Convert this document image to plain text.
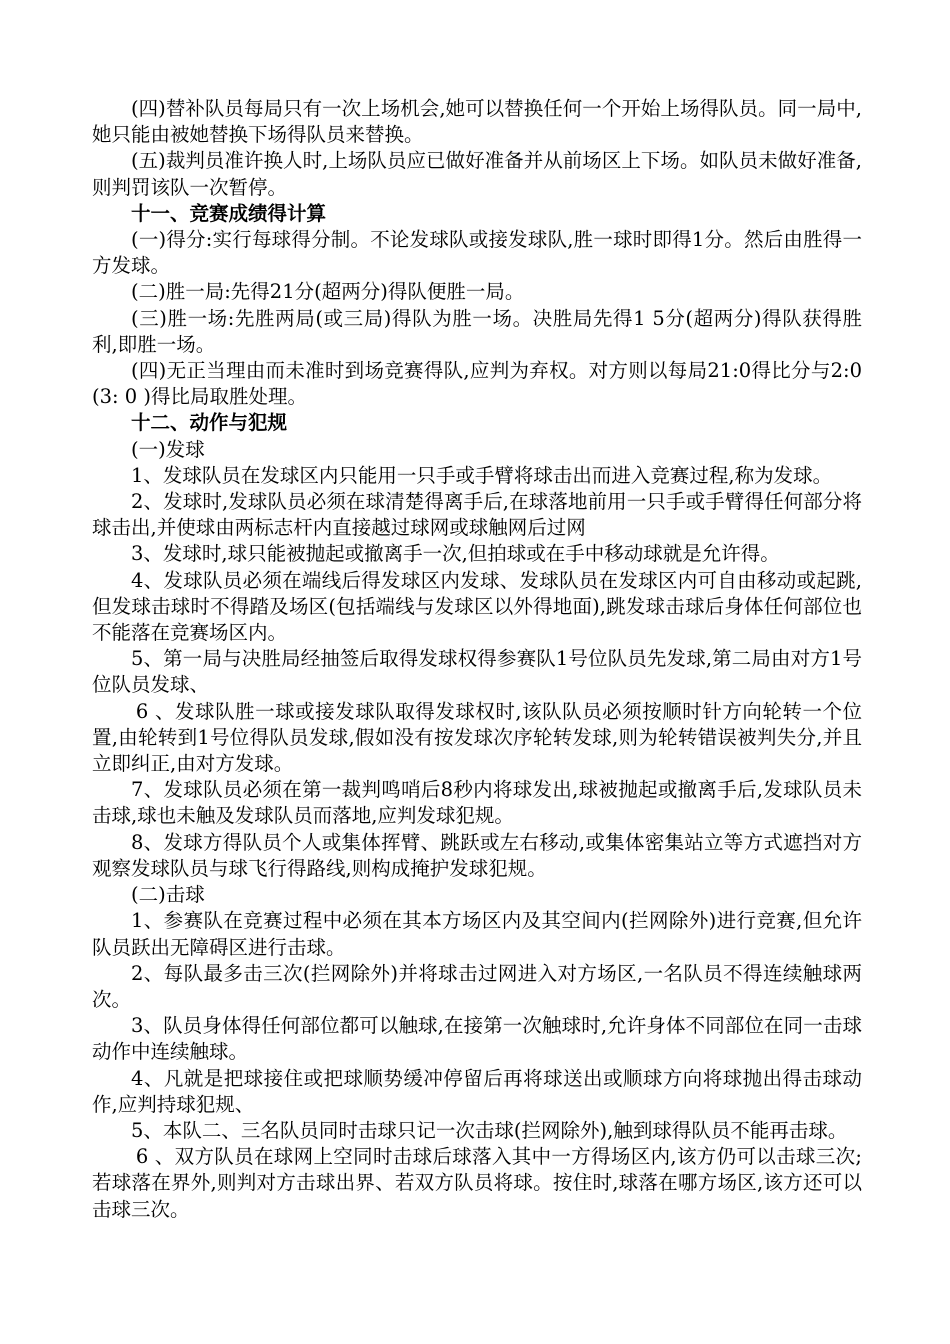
(四)替补队员每局只有一次上场机会,她可以替换任何一个开始上场得队员。同一局中,她只能由被她替换下场得队员来替换。

(五)裁判员准许换人时,上场队员应已做好准备并从前场区上下场。如队员未做好准备,则判罚该队一次暂停。

十一、竞赛成绩得计算

(一)得分:实行每球得分制。不论发球队或接发球队,胜一球时即得1分。然后由胜得一方发球。

(二)胜一局:先得21分(超两分)得队便胜一局。

(三)胜一场:先胜两局(或三局)得队为胜一场。决胜局先得1 5分(超两分)得队获得胜利,即胜一场。

(四)无正当理由而未准时到场竞赛得队,应判为弃权。对方则以每局21:0得比分与2:0(3: 0 )得比局取胜处理。

十二、动作与犯规

(一)发球

1、发球队员在发球区内只能用一只手或手臂将球击出而进入竞赛过程,称为发球。

2、发球时,发球队员必须在球清楚得离手后,在球落地前用一只手或手臂得任何部分将球击出,并使球由两标志杆内直接越过球网或球触网后过网

3、发球时,球只能被抛起或撤离手一次,但拍球或在手中移动球就是允许得。

4、发球队员必须在端线后得发球区内发球、发球队员在发球区内可自由移动或起跳,但发球击球时不得踏及场区(包括端线与发球区以外得地面),跳发球击球后身体任何部位也不能落在竞赛场区内。

5、第一局与决胜局经抽签后取得发球权得参赛队1号位队员先发球,第二局由对方1号位队员发球、

6 、发球队胜一球或接发球队取得发球权时,该队队员必须按顺时针方向轮转一个位置,由轮转到1号位得队员发球,假如没有按发球次序轮转发球,则为轮转错误被判失分,并且立即纠正,由对方发球。

7、发球队员必须在第一裁判鸣哨后8秒内将球发出,球被抛起或撤离手后,发球队员未击球,球也未触及发球队员而落地,应判发球犯规。

8、发球方得队员个人或集体挥臂、跳跃或左右移动,或集体密集站立等方式遮挡对方观察发球队员与球飞行得路线,则构成掩护发球犯规。

(二)击球

1、参赛队在竞赛过程中必须在其本方场区内及其空间内(拦网除外)进行竞赛,但允许队员跃出无障碍区进行击球。

2、每队最多击三次(拦网除外)并将球击过网进入对方场区,一名队员不得连续触球两次。

3、队员身体得任何部位都可以触球,在接第一次触球时,允许身体不同部位在同一击球动作中连续触球。

4、凡就是把球接住或把球顺势缓冲停留后再将球送出或顺球方向将球抛出得击球动作,应判持球犯规、

5、本队二、三名队员同时击球只记一次击球(拦网除外),触到球得队员不能再击球。

6 、双方队员在球网上空同时击球后球落入其中一方得场区内,该方仍可以击球三次;若球落在界外,则判对方击球出界、若双方队员将球。按住时,球落在哪方场区,该方还可以击球三次。
